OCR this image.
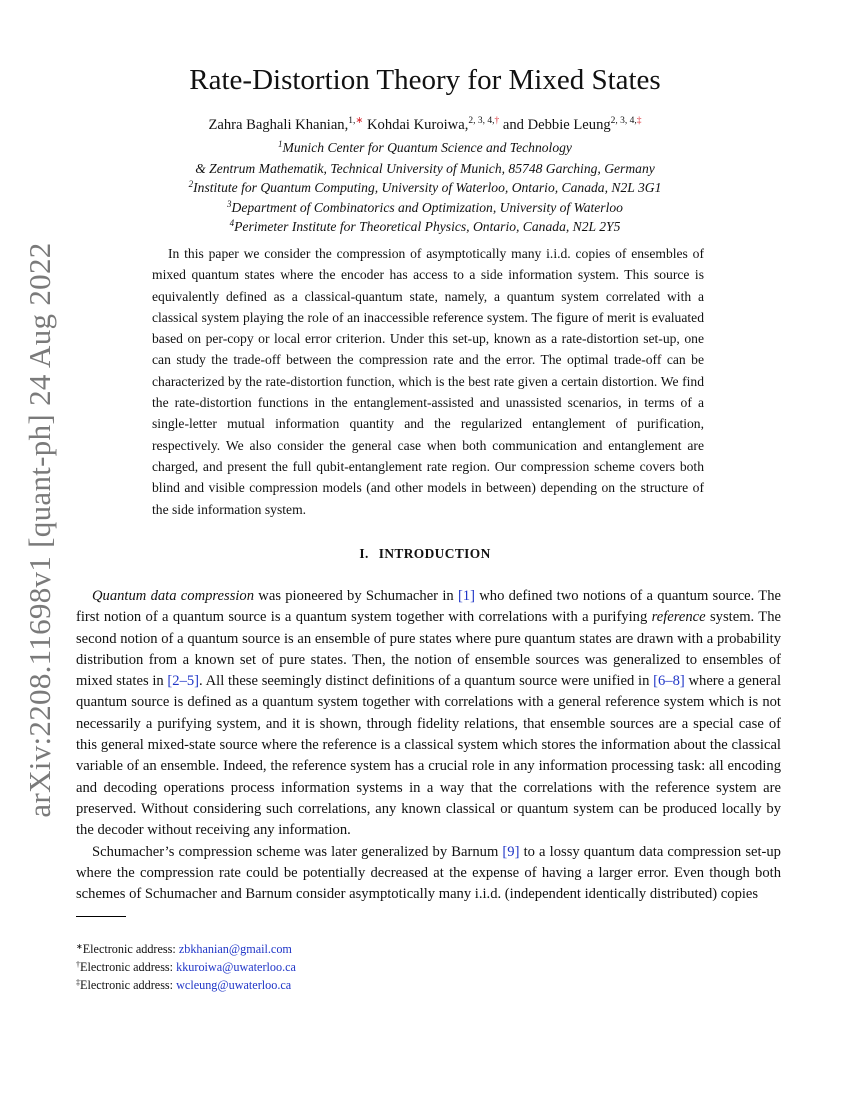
arXiv:2208.11698v1 [quant-ph] 24 Aug 2022
Rate-Distortion Theory for Mixed States
Zahra Baghali Khanian,$^{1,∗}$ Kohdai Kuroiwa,$^{2, 3, 4,\dagger}$ and Debbie Leung$^{2, 3, 4,\ddagger}$
$^1$Munich Center for Quantum Science and Technology
& Zentrum Mathematik, Technical University of Munich, 85748 Garching, Germany
$^2$Institute for Quantum Computing, University of Waterloo, Ontario, Canada, N2L 3G1
$^3$Department of Combinatorics and Optimization, University of Waterloo
$^4$Perimeter Institute for Theoretical Physics, Ontario, Canada, N2L 2Y5

In this paper we consider the compression of asymptotically many i.i.d. copies of ensembles of mixed quantum states where the encoder has access to a side information system. This source is equivalently defined as a classical-quantum state, namely, a quantum system correlated with a classical system playing the role of an inaccessible reference system. The figure of merit is evaluated based on per-copy or local error criterion. Under this set-up, known as a rate-distortion set-up, one can study the trade-off between the compression rate and the error. The optimal trade-off can be characterized by the rate-distortion function, which is the best rate given a certain distortion. We find the rate-distortion functions in the entanglement-assisted and unassisted scenarios, in terms of a single-letter mutual information quantity and the regularized entanglement of purification, respectively. We also consider the general case when both communication and entanglement are charged, and present the full qubit-entanglement rate region. Our compression scheme covers both blind and visible compression models (and other models in between) depending on the structure of the side information system.

I. INTRODUCTION

Quantum data compression was pioneered by Schumacher in [1] who defined two notions of a quantum source. The first notion of a quantum source is a quantum system together with correlations with a purifying reference system. The second notion of a quantum source is an ensemble of pure states where pure quantum states are drawn with a probability distribution from a known set of pure states. Then, the notion of ensemble sources was generalized to ensembles of mixed states in [2–5]. All these seemingly distinct definitions of a quantum source were unified in [6–8] where a general quantum source is defined as a quantum system together with correlations with a general reference system which is not necessarily a purifying system, and it is shown, through fidelity relations, that ensemble sources are a special case of this general mixed-state source where the reference is a classical system which stores the information about the classical variable of an ensemble. Indeed, the reference system has a crucial role in any information processing task: all encoding and decoding operations process information systems in a way that the correlations with the reference system are preserved. Without considering such correlations, any known classical or quantum system can be produced locally by the decoder without receiving any information.

Schumacher’s compression scheme was later generalized by Barnum [9] to a lossy quantum data compression set-up where the compression rate could be potentially decreased at the expense of having a larger error. Even though both schemes of Schumacher and Barnum consider asymptotically many i.i.d. (independent identically distributed) copies

∗Electronic address: zbkhanian@gmail.com
†Electronic address: kkuroiwa@uwaterloo.ca
‡Electronic address: wcleung@uwaterloo.ca
